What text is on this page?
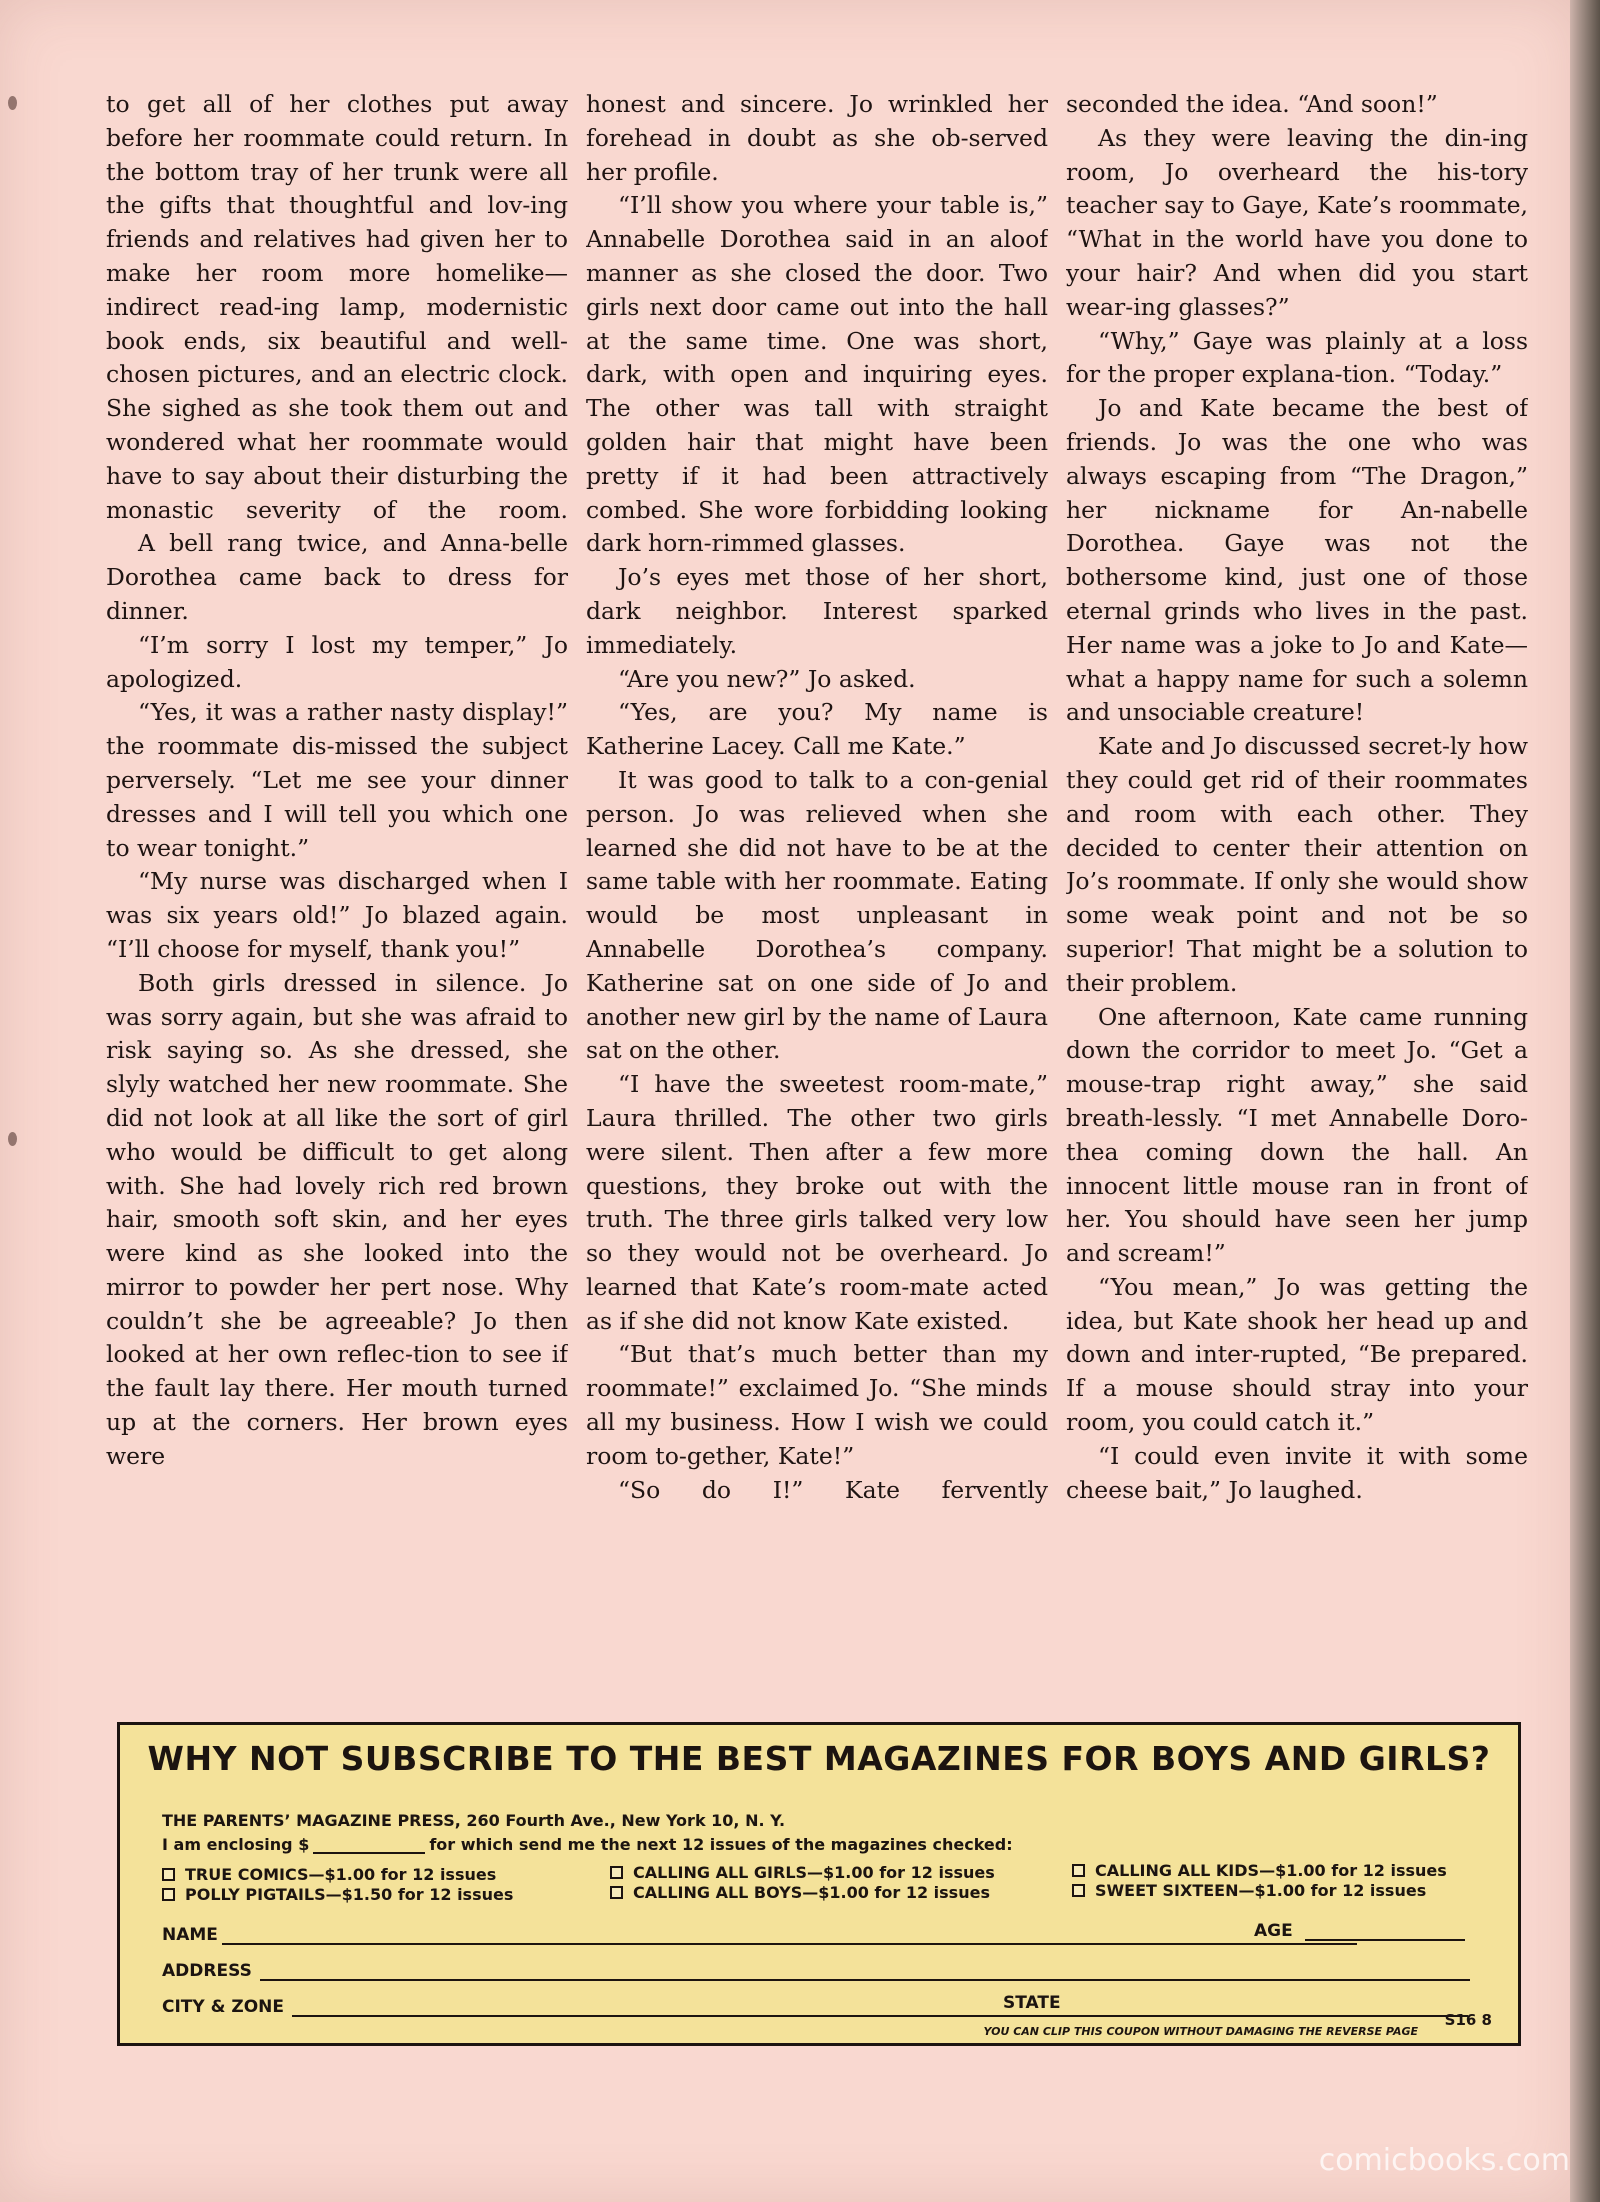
to get all of her clothes put away before her roommate could return. In the bottom tray of her trunk were all the gifts that thoughtful and lov-ing friends and relatives had given her to make her room more homelike—indirect read-ing lamp, modernistic book ends, six beautiful and well-chosen pictures, and an electric clock. She sighed as she took them out and wondered what her roommate would have to say about their disturbing the monastic severity of the room.

A bell rang twice, and Anna-belle Dorothea came back to dress for dinner.

“I’m sorry I lost my temper,” Jo apologized.

“Yes, it was a rather nasty display!” the roommate dis-missed the subject perversely. “Let me see your dinner dresses and I will tell you which one to wear tonight.”

“My nurse was discharged when I was six years old!” Jo blazed again. “I’ll choose for myself, thank you!”

Both girls dressed in silence. Jo was sorry again, but she was afraid to risk saying so. As she dressed, she slyly watched her new roommate. She did not look at all like the sort of girl who would be difficult to get along with. She had lovely rich red brown hair, smooth soft skin, and her eyes were kind as she looked into the mirror to powder her pert nose. Why couldn’t she be agreeable? Jo then looked at her own reflec-tion to see if the fault lay there. Her mouth turned up at the corners. Her brown eyes were

honest and sincere. Jo wrinkled her forehead in doubt as she ob-served her profile.

“I’ll show you where your table is,” Annabelle Dorothea said in an aloof manner as she closed the door. Two girls next door came out into the hall at the same time. One was short, dark, with open and inquiring eyes. The other was tall with straight golden hair that might have been pretty if it had been attractively combed. She wore forbidding looking dark horn-rimmed glasses.

Jo’s eyes met those of her short, dark neighbor. Interest sparked immediately.

“Are you new?” Jo asked.

“Yes, are you? My name is Katherine Lacey. Call me Kate.”

It was good to talk to a con-genial person. Jo was relieved when she learned she did not have to be at the same table with her roommate. Eating would be most unpleasant in Annabelle Dorothea’s company. Katherine sat on one side of Jo and another new girl by the name of Laura sat on the other.

“I have the sweetest room-mate,” Laura thrilled. The other two girls were silent. Then after a few more questions, they broke out with the truth. The three girls talked very low so they would not be overheard. Jo learned that Kate’s room-mate acted as if she did not know Kate existed.

“But that’s much better than my roommate!” exclaimed Jo. “She minds all my business. How I wish we could room to-gether, Kate!”

“So do I!” Kate fervently

seconded the idea. “And soon!”

As they were leaving the din-ing room, Jo overheard the his-tory teacher say to Gaye, Kate’s roommate, “What in the world have you done to your hair? And when did you start wear-ing glasses?”

“Why,” Gaye was plainly at a loss for the proper explana-tion. “Today.”

Jo and Kate became the best of friends. Jo was the one who was always escaping from “The Dragon,” her nickname for An-nabelle Dorothea. Gaye was not the bothersome kind, just one of those eternal grinds who lives in the past. Her name was a joke to Jo and Kate—what a happy name for such a solemn and unsociable creature!

Kate and Jo discussed secret-ly how they could get rid of their roommates and room with each other. They decided to center their attention on Jo’s roommate. If only she would show some weak point and not be so superior! That might be a solution to their problem.

One afternoon, Kate came running down the corridor to meet Jo. “Get a mouse-trap right away,” she said breath-lessly. “I met Annabelle Doro-thea coming down the hall. An innocent little mouse ran in front of her. You should have seen her jump and scream!”

“You mean,” Jo was getting the idea, but Kate shook her head up and down and inter-rupted, “Be prepared. If a mouse should stray into your room, you could catch it.”

“I could even invite it with some cheese bait,” Jo laughed.

WHY NOT SUBSCRIBE TO THE BEST MAGAZINES FOR BOYS AND GIRLS?

THE PARENTS’ MAGAZINE PRESS, 260 Fourth Ave., New York 10, N. Y.

I am enclosing $	for which send me the next 12 issues of the magazines checked:

TRUE COMICS—$1.00 for 12 issues
POLLY PIGTAILS—$1.50 for 12 issues
CALLING ALL GIRLS—$1.00 for 12 issues
CALLING ALL BOYS—$1.00 for 12 issues
CALLING ALL KIDS—$1.00 for 12 issues
SWEET SIXTEEN—$1.00 for 12 issues
NAME	AGE
ADDRESS
CITY & ZONE	STATE
YOU CAN CLIP THIS COUPON WITHOUT DAMAGING THE REVERSE PAGE
S16 8
comicbooks.com
